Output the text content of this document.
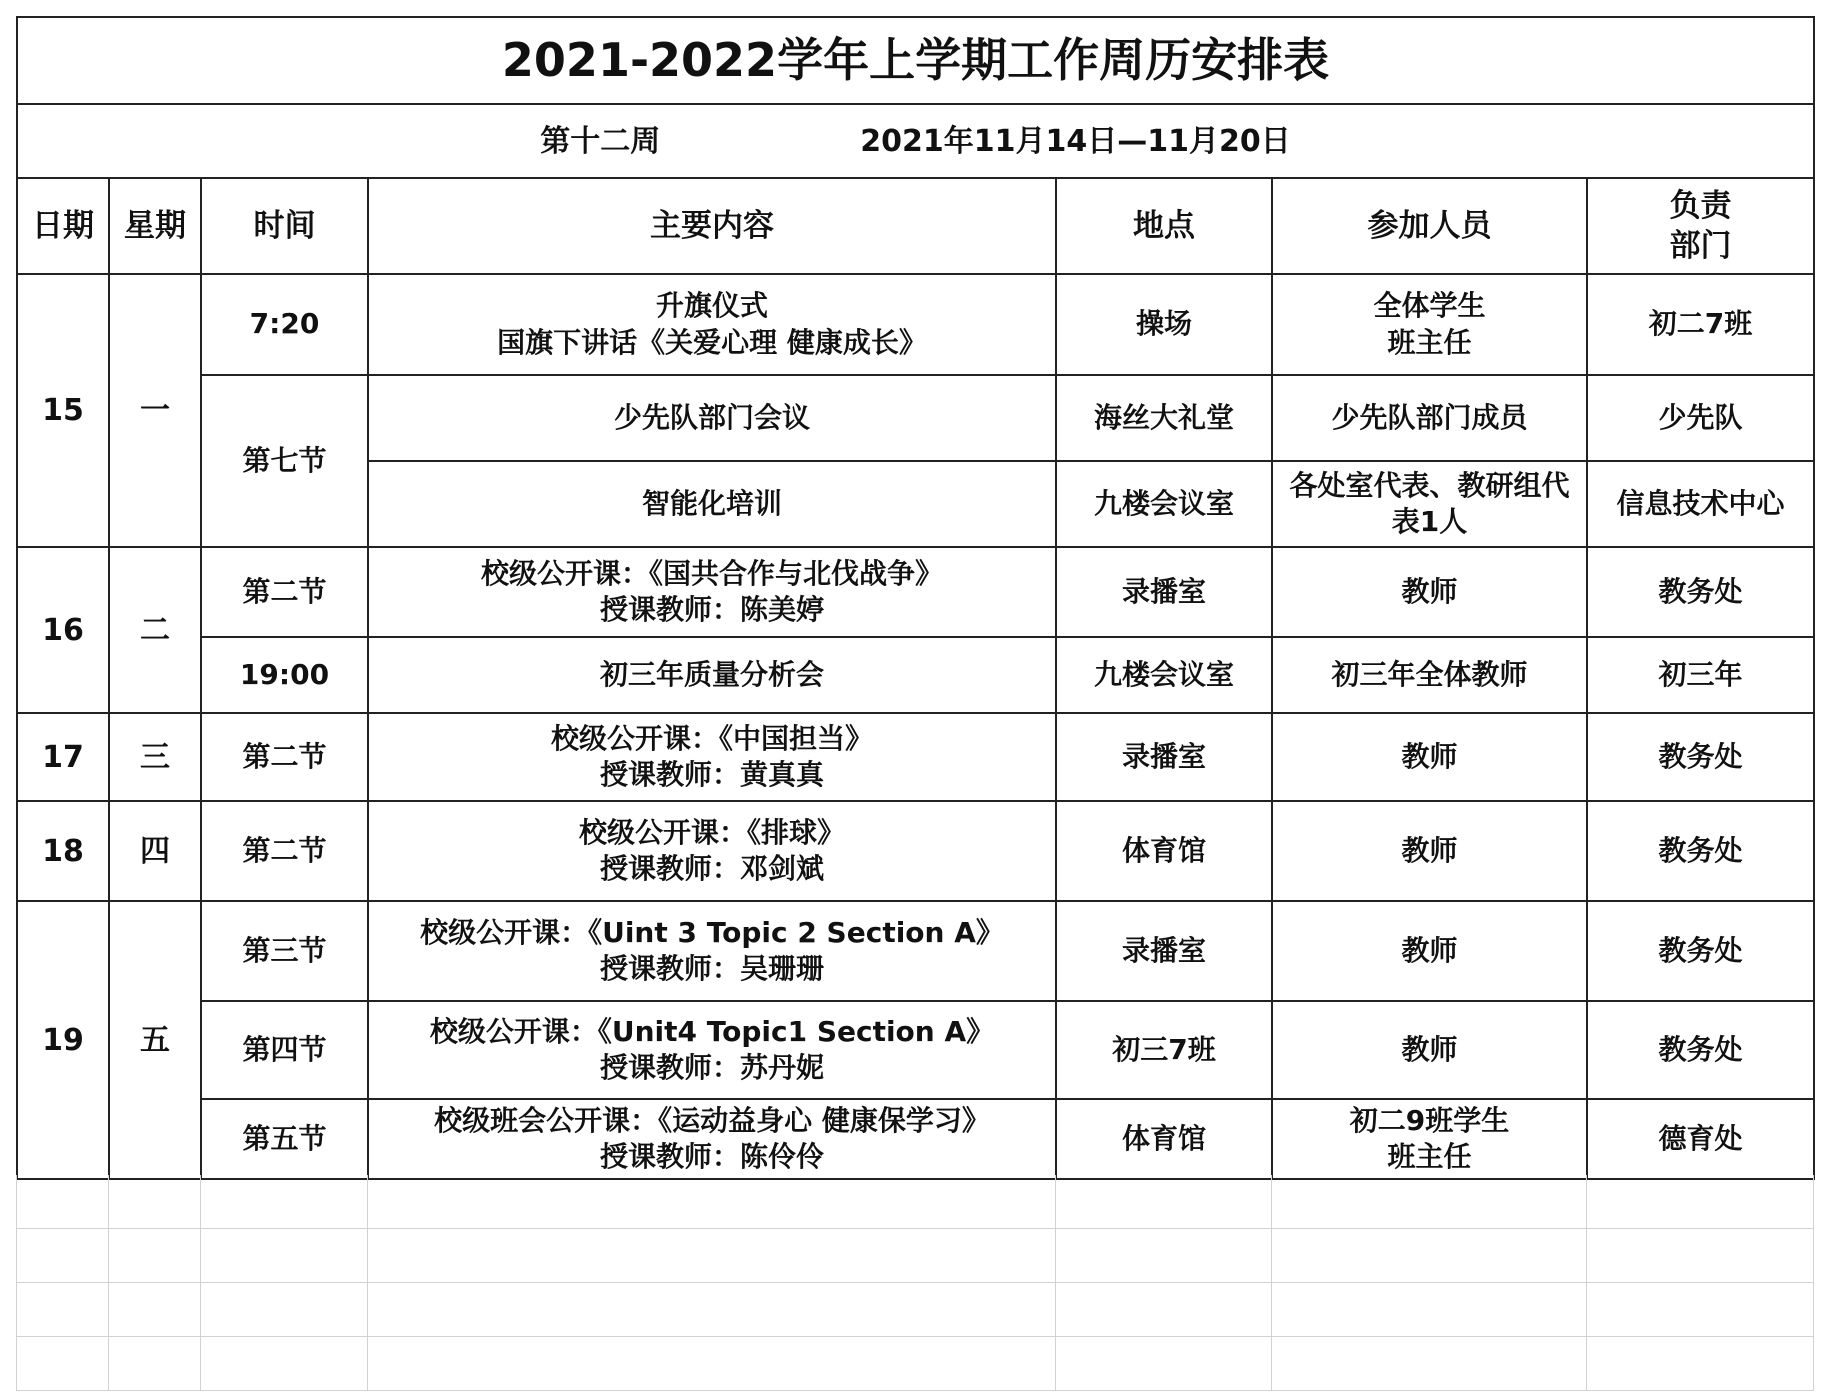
2021-2022学年上学期工作周历安排表						
第十二周 2021年11月14日—11月20日						
日期	星期	时间	主要内容	地点	参加人员	负责
部门

15	一	7:20	升旗仪式
国旗下讲话《关爱心理 健康成长》	操场	全体学生
班主任	初二7班
		第七节	少先队部门会议	海丝大礼堂	少先队部门成员	少先队

			智能化培训	九楼会议室	各处室代表、教研组代
表1人	信息技术中心
16	二	第二节	校级公开课：《国共合作与北伐战争》
授课教师：陈美婷	录播室	教师	教务处
		19:00	初三年质量分析会	九楼会议室	初三年全体教师	初三年
17	三	第二节	校级公开课：《中国担当》
授课教师：黄真真	录播室	教师	教务处
18	四	第二节	校级公开课：《排球》
授课教师：邓剑斌	体育馆	教师	教务处
19	五	第三节	校级公开课：《Uint 3 Topic 2 Section A》
授课教师：吴珊珊	录播室	教师	教务处
		第四节	校级公开课：《Unit4 Topic1 Section A》
授课教师：苏丹妮	初三7班	教师	教务处
		第五节	校级班会公开课：《运动益身心 健康保学习》
授课教师：陈伶伶	体育馆	初二9班学生
班主任	德育处
